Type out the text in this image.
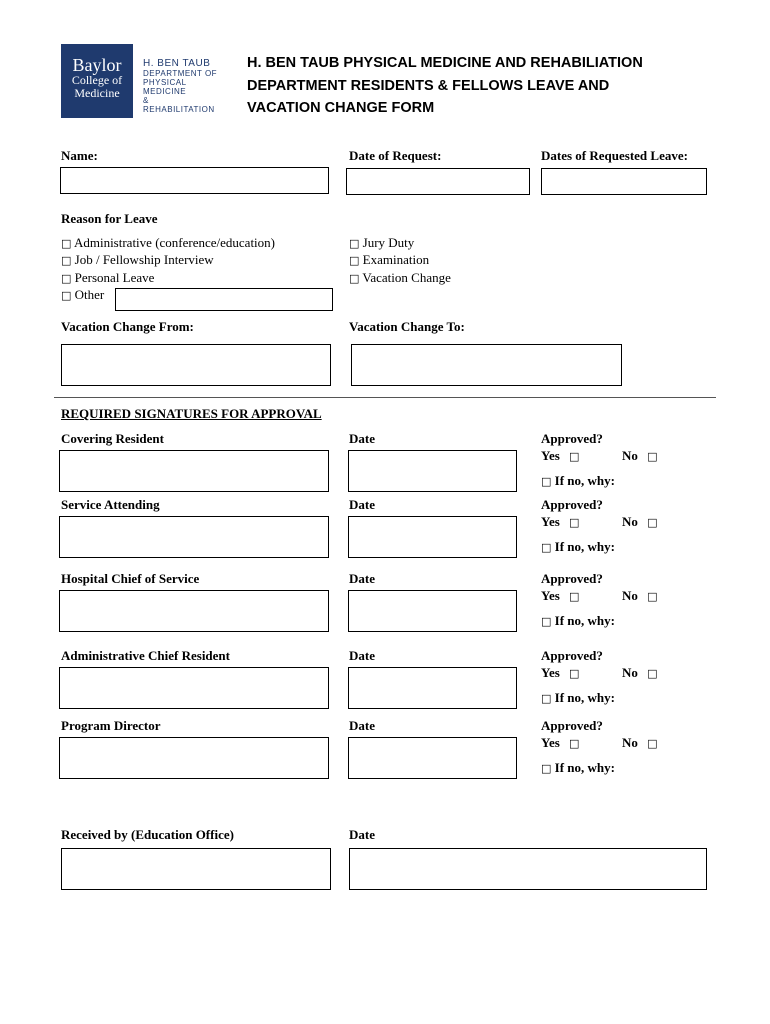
Baylor
College of
Medicine
H. BEN TAUB
DEPARTMENT OF
PHYSICAL MEDICINE
& REHABILITATION
H. BEN TAUB PHYSICAL MEDICINE AND REHABILIATION
DEPARTMENT RESIDENTS & FELLOWS LEAVE AND
VACATION CHANGE FORM
Name:	Date of Request:	Dates of Requested Leave:
Reason for Leave
□ Administrative (conference/education)
□ Job / Fellowship Interview
□ Personal Leave
□ Other
□ Jury Duty
□ Examination
□ Vacation Change
Vacation Change From:	Vacation Change To:
REQUIRED SIGNATURES FOR APPROVAL
Covering Resident	Date	Approved?
Yes □	No □
□ If no, why:
Service Attending	Date	Approved?
Yes □	No □
□ If no, why:
Hospital Chief of Service	Date	Approved?
Yes □	No □
□ If no, why:
Administrative Chief Resident	Date	Approved?
Yes □	No □
□ If no, why:
Program Director	Date	Approved?
Yes □	No □
□ If no, why:
Received by (Education Office)	Date
